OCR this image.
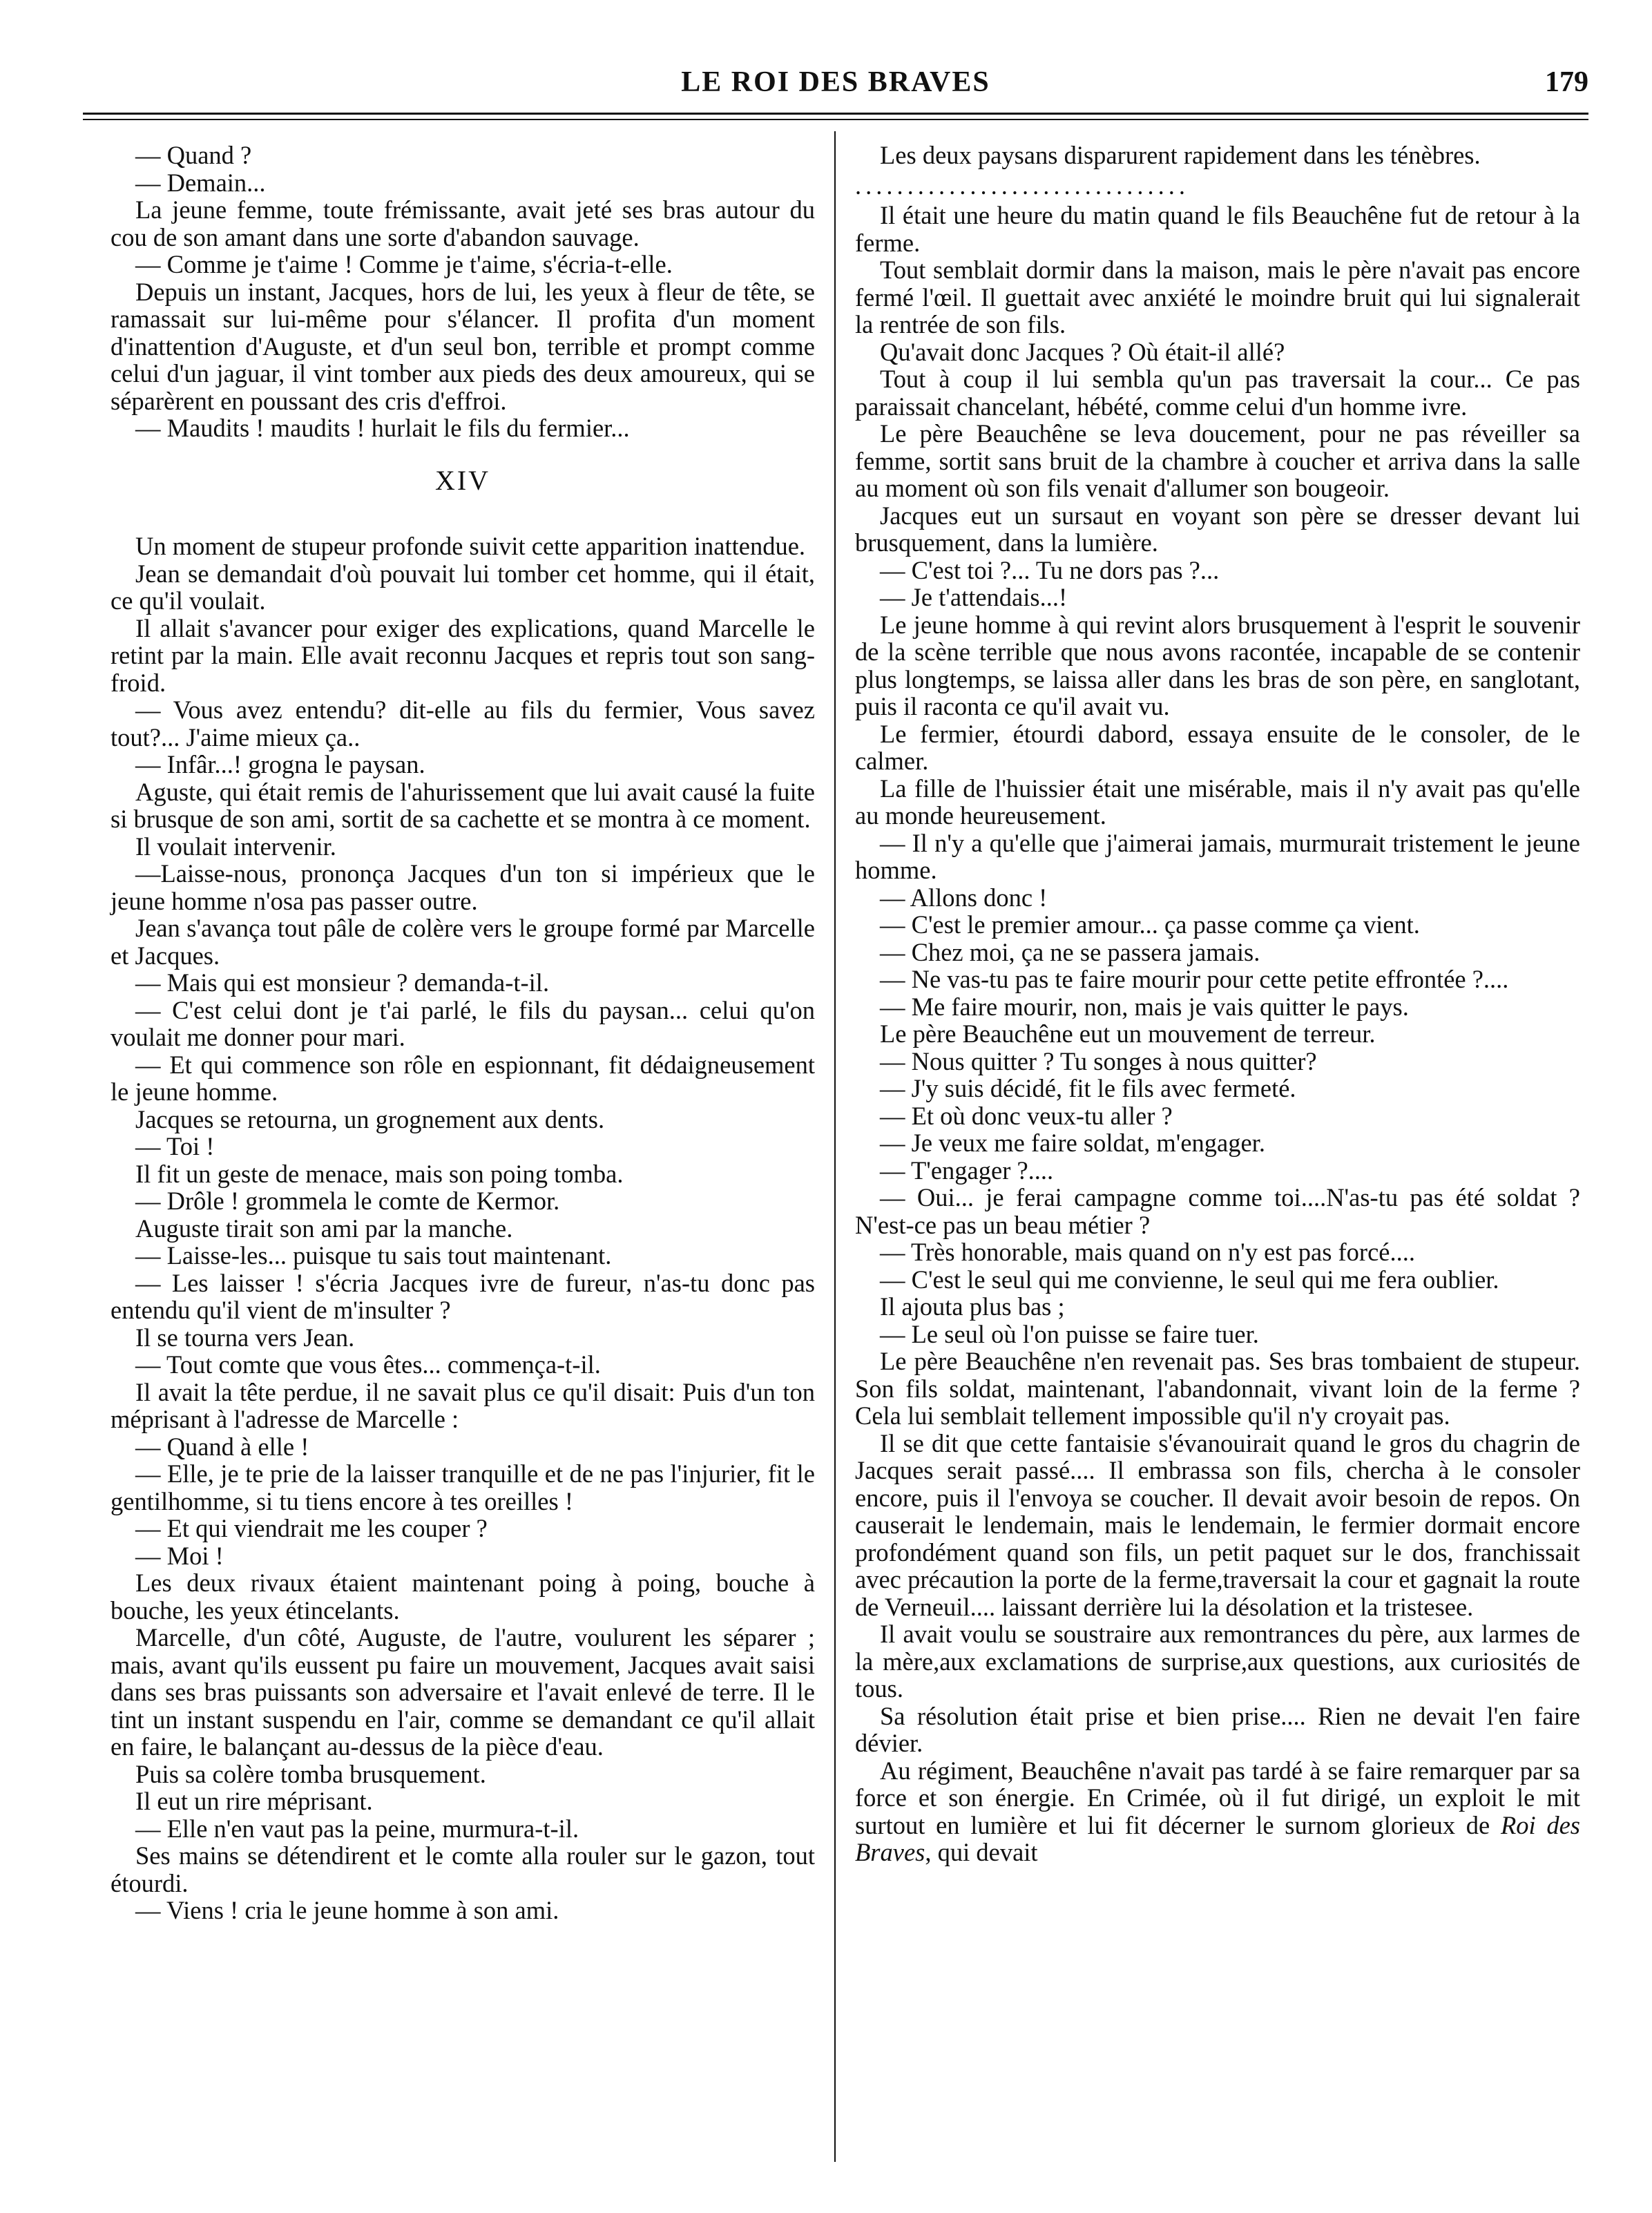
LE ROI DES BRAVES	179

— Quand ?

— Demain...

La jeune femme, toute frémissante, avait jeté ses bras autour du cou de son amant dans une sorte d'abandon sauvage.

— Comme je t'aime ! Comme je t'aime, s'écria-t-elle.

Depuis un instant, Jacques, hors de lui, les yeux à fleur de tête, se ramassait sur lui-même pour s'élancer. Il profita d'un moment d'inattention d'Auguste, et d'un seul bon, terrible et prompt comme celui d'un jaguar, il vint tomber aux pieds des deux amoureux, qui se séparèrent en poussant des cris d'effroi.

— Maudits ! maudits ! hurlait le fils du fermier...

XIV

Un moment de stupeur profonde suivit cette apparition inattendue.

Jean se demandait d'où pouvait lui tomber cet homme, qui il était, ce qu'il voulait.

Il allait s'avancer pour exiger des explications, quand Marcelle le retint par la main. Elle avait reconnu Jacques et repris tout son sang-froid.

— Vous avez entendu? dit-elle au fils du fermier, Vous savez tout?... J'aime mieux ça..

— Infâr...! grogna le paysan.

Aguste, qui était remis de l'ahurissement que lui avait causé la fuite si brusque de son ami, sortit de sa cachette et se montra à ce moment.

Il voulait intervenir.

—Laisse-nous, prononça Jacques d'un ton si impérieux que le jeune homme n'osa pas passer outre.

Jean s'avança tout pâle de colère vers le groupe formé par Marcelle et Jacques.

— Mais qui est monsieur ? demanda-t-il.

— C'est celui dont je t'ai parlé, le fils du paysan... celui qu'on voulait me donner pour mari.

— Et qui commence son rôle en espionnant, fit dédaigneusement le jeune homme.

Jacques se retourna, un grognement aux dents.

— Toi !

Il fit un geste de menace, mais son poing tomba.

— Drôle ! grommela le comte de Kermor.

Auguste tirait son ami par la manche.

— Laisse-les... puisque tu sais tout maintenant.

— Les laisser ! s'écria Jacques ivre de fureur, n'as-tu donc pas entendu qu'il vient de m'insulter ?

Il se tourna vers Jean.

— Tout comte que vous êtes... commença-t-il.

Il avait la tête perdue, il ne savait plus ce qu'il disait: Puis d'un ton méprisant à l'adresse de Marcelle :

— Quand à elle !

— Elle, je te prie de la laisser tranquille et de ne pas l'injurier, fit le gentilhomme, si tu tiens encore à tes oreilles !

— Et qui viendrait me les couper ?

— Moi !

Les deux rivaux étaient maintenant poing à poing, bouche à bouche, les yeux étincelants.

Marcelle, d'un côté, Auguste, de l'autre, voulurent les séparer ; mais, avant qu'ils eussent pu faire un mouvement, Jacques avait saisi dans ses bras puissants son adversaire et l'avait enlevé de terre. Il le tint un instant suspendu en l'air, comme se demandant ce qu'il allait en faire, le balançant au-dessus de la pièce d'eau.

Puis sa colère tomba brusquement.

Il eut un rire méprisant.

— Elle n'en vaut pas la peine, murmura-t-il.

Ses mains se détendirent et le comte alla rouler sur le gazon, tout étourdi.

— Viens ! cria le jeune homme à son ami.

Les deux paysans disparurent rapidement dans les ténèbres.

................................

Il était une heure du matin quand le fils Beauchêne fut de retour à la ferme.

Tout semblait dormir dans la maison, mais le père n'avait pas encore fermé l'œil. Il guettait avec anxiété le moindre bruit qui lui signalerait la rentrée de son fils.

Qu'avait donc Jacques ? Où était-il allé?

Tout à coup il lui sembla qu'un pas traversait la cour... Ce pas paraissait chancelant, hébété, comme celui d'un homme ivre.

Le père Beauchêne se leva doucement, pour ne pas réveiller sa femme, sortit sans bruit de la chambre à coucher et arriva dans la salle au moment où son fils venait d'allumer son bougeoir.

Jacques eut un sursaut en voyant son père se dresser devant lui brusquement, dans la lumière.

— C'est toi ?... Tu ne dors pas ?...

— Je t'attendais...!

Le jeune homme à qui revint alors brusquement à l'esprit le souvenir de la scène terrible que nous avons racontée, incapable de se contenir plus longtemps, se laissa aller dans les bras de son père, en sanglotant, puis il raconta ce qu'il avait vu.

Le fermier, étourdi dabord, essaya ensuite de le consoler, de le calmer.

La fille de l'huissier était une misérable, mais il n'y avait pas qu'elle au monde heureusement.

— Il n'y a qu'elle que j'aimerai jamais, murmurait tristement le jeune homme.

— Allons donc !

— C'est le premier amour... ça passe comme ça vient.

— Chez moi, ça ne se passera jamais.

— Ne vas-tu pas te faire mourir pour cette petite effrontée ?....

— Me faire mourir, non, mais je vais quitter le pays.

Le père Beauchêne eut un mouvement de terreur.

— Nous quitter ? Tu songes à nous quitter?

— J'y suis décidé, fit le fils avec fermeté.

— Et où donc veux-tu aller ?

— Je veux me faire soldat, m'engager.

— T'engager ?....

— Oui... je ferai campagne comme toi....N'as-tu pas été soldat ? N'est-ce pas un beau métier ?

— Très honorable, mais quand on n'y est pas forcé....

— C'est le seul qui me convienne, le seul qui me fera oublier.

Il ajouta plus bas ;

— Le seul où l'on puisse se faire tuer.

Le père Beauchêne n'en revenait pas. Ses bras tombaient de stupeur. Son fils soldat, maintenant, l'abandonnait, vivant loin de la ferme ? Cela lui semblait tellement impossible qu'il n'y croyait pas.

Il se dit que cette fantaisie s'évanouirait quand le gros du chagrin de Jacques serait passé.... Il embrassa son fils, chercha à le consoler encore, puis il l'envoya se coucher. Il devait avoir besoin de repos. On causerait le lendemain, mais le lendemain, le fermier dormait encore profondément quand son fils, un petit paquet sur le dos, franchissait avec précaution la porte de la ferme,traversait la cour et gagnait la route de Verneuil.... laissant derrière lui la désolation et la tristesee.

Il avait voulu se soustraire aux remontrances du père, aux larmes de la mère,aux exclamations de surprise,aux questions, aux curiosités de tous.

Sa résolution était prise et bien prise.... Rien ne devait l'en faire dévier.

Au régiment, Beauchêne n'avait pas tardé à se faire remarquer par sa force et son énergie. En Crimée, où il fut dirigé, un exploit le mit surtout en lumière et lui fit décerner le surnom glorieux de Roi des Braves, qui devait
